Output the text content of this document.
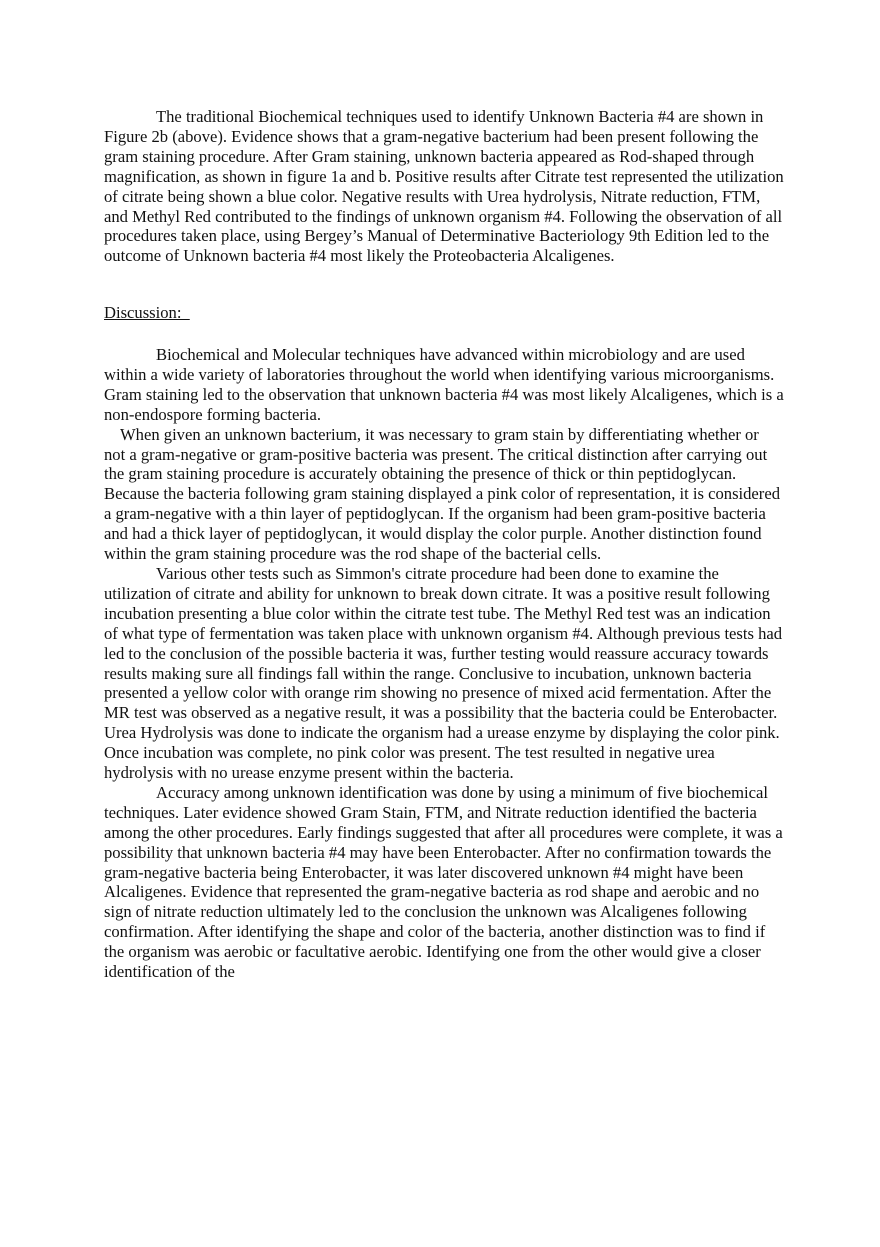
The traditional Biochemical techniques used to identify Unknown Bacteria #4 are shown in Figure 2b (above). Evidence shows that a gram-negative bacterium had been present following the gram staining procedure. After Gram staining, unknown bacteria appeared as Rod-shaped through magnification, as shown in figure 1a and b. Positive results after Citrate test represented the utilization of citrate being shown a blue color. Negative results with Urea hydrolysis, Nitrate reduction, FTM, and Methyl Red contributed to the findings of unknown organism #4. Following the observation of all procedures taken place, using Bergey’s Manual of Determinative Bacteriology 9th Edition led to the outcome of Unknown bacteria #4 most likely the Proteobacteria Alcaligenes.

Discussion:

Biochemical and Molecular techniques have advanced within microbiology and are used within a wide variety of laboratories throughout the world when identifying various microorganisms. Gram staining led to the observation that unknown bacteria #4 was most likely Alcaligenes, which is a non-endospore forming bacteria.

When given an unknown bacterium, it was necessary to gram stain by differentiating whether or not a gram-negative or gram-positive bacteria was present. The critical distinction after carrying out the gram staining procedure is accurately obtaining the presence of thick or thin peptidoglycan. Because the bacteria following gram staining displayed a pink color of representation, it is considered a gram-negative with a thin layer of peptidoglycan. If the organism had been gram-positive bacteria and had a thick layer of peptidoglycan, it would display the color purple. Another distinction found within the gram staining procedure was the rod shape of the bacterial cells.

Various other tests such as Simmon's citrate procedure had been done to examine the utilization of citrate and ability for unknown to break down citrate. It was a positive result following incubation presenting a blue color within the citrate test tube. The Methyl Red test was an indication of what type of fermentation was taken place with unknown organism #4. Although previous tests had led to the conclusion of the possible bacteria it was, further testing would reassure accuracy towards results making sure all findings fall within the range. Conclusive to incubation, unknown bacteria presented a yellow color with orange rim showing no presence of mixed acid fermentation. After the MR test was observed as a negative result, it was a possibility that the bacteria could be Enterobacter. Urea Hydrolysis was done to indicate the organism had a urease enzyme by displaying the color pink. Once incubation was complete, no pink color was present. The test resulted in negative urea hydrolysis with no urease enzyme present within the bacteria.

Accuracy among unknown identification was done by using a minimum of five biochemical techniques. Later evidence showed Gram Stain, FTM, and Nitrate reduction identified the bacteria among the other procedures. Early findings suggested that after all procedures were complete, it was a possibility that unknown bacteria #4 may have been Enterobacter. After no confirmation towards the gram-negative bacteria being Enterobacter, it was later discovered unknown #4 might have been Alcaligenes. Evidence that represented the gram-negative bacteria as rod shape and aerobic and no sign of nitrate reduction ultimately led to the conclusion the unknown was Alcaligenes following confirmation. After identifying the shape and color of the bacteria, another distinction was to find if the organism was aerobic or facultative aerobic. Identifying one from the other would give a closer identification of the
